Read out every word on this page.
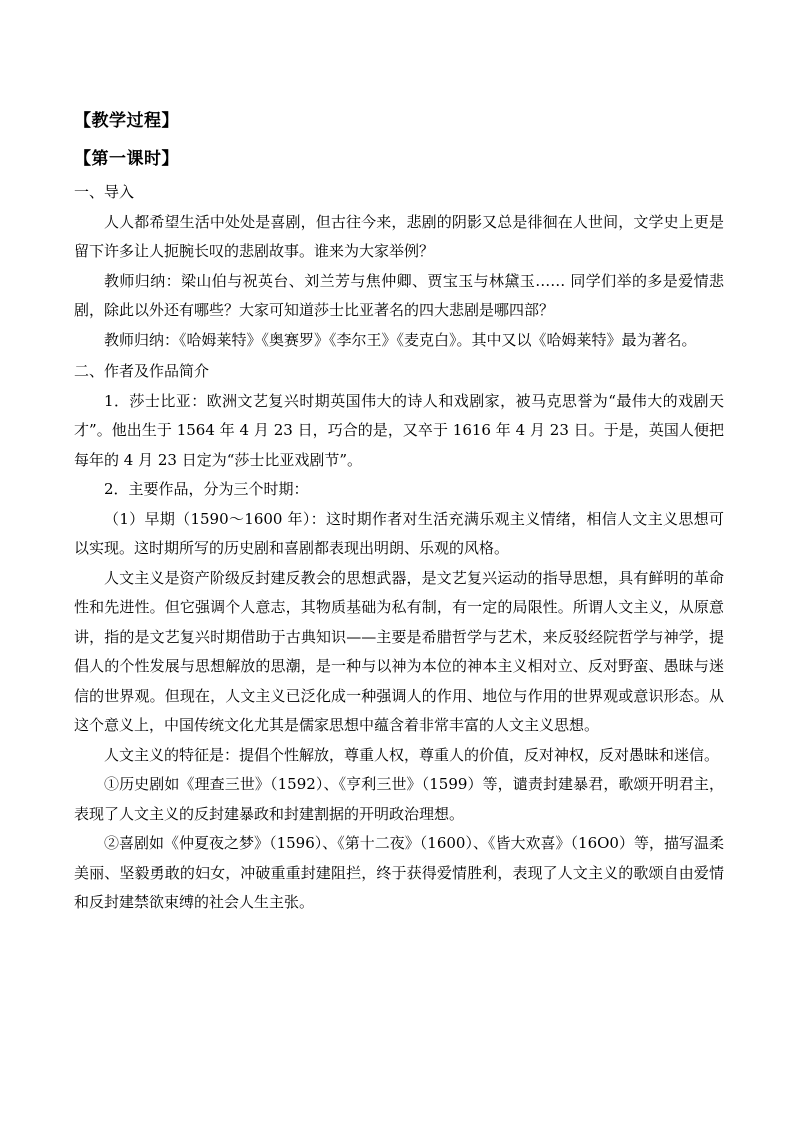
【教学过程】

【第一课时】

一、导入

人人都希望生活中处处是喜剧，但古往今来，悲剧的阴影又总是徘徊在人世间，文学史上更是留下许多让人扼腕长叹的悲剧故事。谁来为大家举例？

教师归纳：梁山伯与祝英台、刘兰芳与焦仲卿、贾宝玉与林黛玉…… 同学们举的多是爱情悲剧，除此以外还有哪些？大家可知道莎士比亚著名的四大悲剧是哪四部？

教师归纳：《哈姆莱特》《奥赛罗》《李尔王》《麦克白》。其中又以《哈姆莱特》最为著名。

二、作者及作品简介

1．莎士比亚：欧洲文艺复兴时期英国伟大的诗人和戏剧家，被马克思誉为“最伟大的戏剧天才”。他出生于 1564 年 4 月 23 日，巧合的是，又卒于 1616 年 4 月 23 日。于是，英国人便把每年的 4 月 23 日定为“莎士比亚戏剧节”。

2．主要作品，分为三个时期：

（1）早期（1590～1600 年）：这时期作者对生活充满乐观主义情绪，相信人文主义思想可以实现。这时期所写的历史剧和喜剧都表现出明朗、乐观的风格。

人文主义是资产阶级反封建反教会的思想武器，是文艺复兴运动的指导思想，具有鲜明的革命性和先进性。但它强调个人意志，其物质基础为私有制，有一定的局限性。所谓人文主义，从原意讲，指的是文艺复兴时期借助于古典知识——主要是希腊哲学与艺术，来反驳经院哲学与神学，提倡人的个性发展与思想解放的思潮，是一种与以神为本位的神本主义相对立、反对野蛮、愚昧与迷信的世界观。但现在，人文主义已泛化成一种强调人的作用、地位与作用的世界观或意识形态。从这个意义上，中国传统文化尤其是儒家思想中蕴含着非常丰富的人文主义思想。

人文主义的特征是：提倡个性解放，尊重人权，尊重人的价值，反对神权，反对愚昧和迷信。

①历史剧如《理查三世》（1592）、《亨利三世》（1599）等，谴责封建暴君，歌颂开明君主，表现了人文主义的反封建暴政和封建割据的开明政治理想。

②喜剧如《仲夏夜之梦》（1596）、《第十二夜》（1600）、《皆大欢喜》（16O0）等，描写温柔美丽、坚毅勇敢的妇女，冲破重重封建阻拦，终于获得爱情胜利，表现了人文主义的歌颂自由爱情和反封建禁欲束缚的社会人生主张。
